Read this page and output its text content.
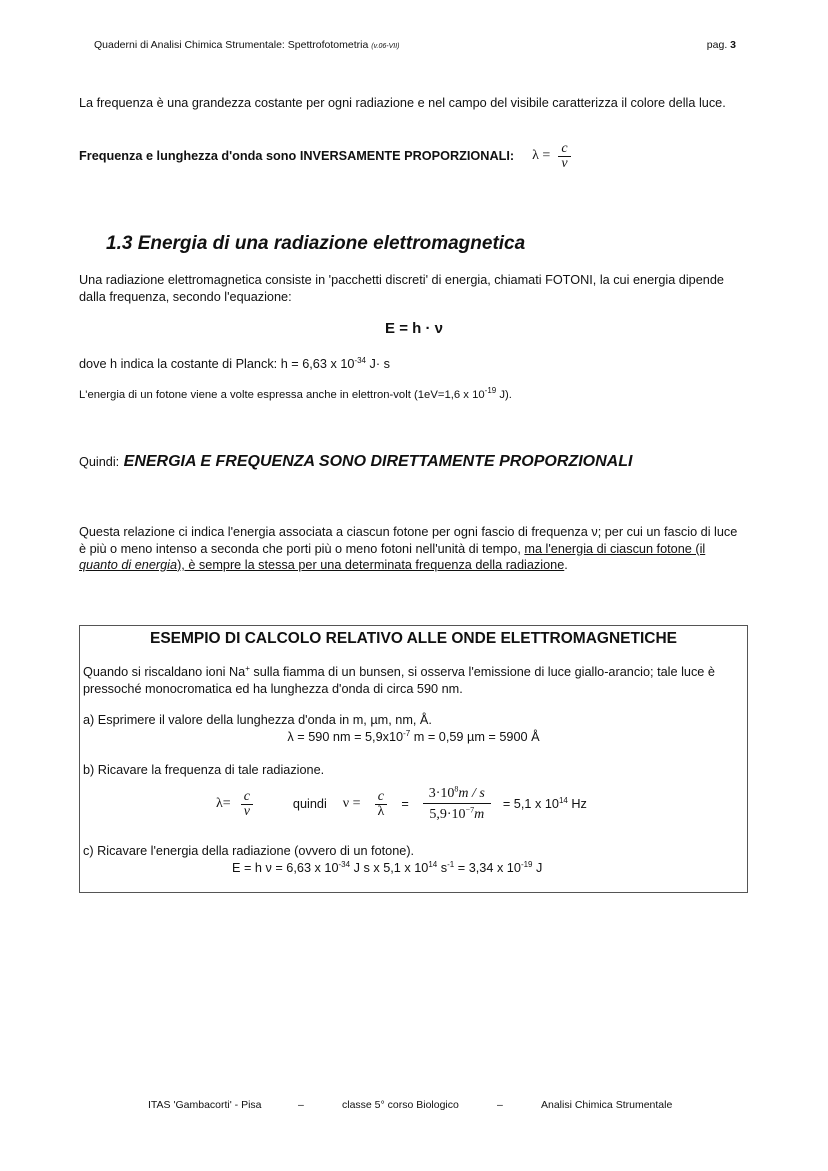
Quaderni di Analisi Chimica Strumentale: Spettrofotometria (v.06-VII)	pag. 3
La frequenza è una grandezza costante per ogni radiazione e nel campo del visibile caratterizza il colore della luce.
Frequenza e lunghezza d'onda sono INVERSAMENTE PROPORZIONALI: $\lambda = \frac{c}{\nu}$
1.3 Energia di una radiazione elettromagnetica
Una radiazione elettromagnetica consiste in 'pacchetti discreti' di energia, chiamati FOTONI, la cui energia dipende dalla frequenza, secondo l'equazione:
E = h · ν
dove h indica la costante di Planck: h = 6,63 x $10^{-34}$ J· s
L'energia di un fotone viene a volte espressa anche in elettron-volt (1eV=1,6 x $10^{-19}$ J).
Quindi: ENERGIA E FREQUENZA SONO DIRETTAMENTE PROPORZIONALI
Questa relazione ci indica l'energia associata a ciascun fotone per ogni fascio di frequenza ν; per cui un fascio di luce è più o meno intenso a seconda che porti più o meno fotoni nell'unità di tempo, ma l'energia di ciascun fotone (il quanto di energia), è sempre la stessa per una determinata frequenza della radiazione.
ESEMPIO DI CALCOLO RELATIVO ALLE ONDE ELETTROMAGNETICHE
Quando si riscaldano ioni Na+ sulla fiamma di un bunsen, si osserva l'emissione di luce giallo-arancio; tale luce è pressoché monocromatica ed ha lunghezza d'onda di circa 590 nm.
a) Esprimere il valore della lunghezza d'onda in m, µm, nm, Å.
λ = 590 nm = $5,9x10^{-7}$ m = 0,59 µm = 5900 Å
b) Ricavare la frequenza di tale radiazione.
$\lambda= \frac{c}{\nu}$	quindi $\nu = \frac{c}{\lambda} = \frac{3\cdot 10^8m / s}{5,9\cdot 10^{-7}m} = 5,1$ x $10^{14}$ Hz
c) Ricavare l'energia della radiazione (ovvero di un fotone).
E = h ν = 6,63 x $10^{-34}$ J s x 5,1 x $10^{14}$ $s^{-1} = 3,34$ x $10^{-19}$ J
ITAS 'Gambacorti' - Pisa	–	classe 5° corso Biologico	–	Analisi Chimica Strumentale
